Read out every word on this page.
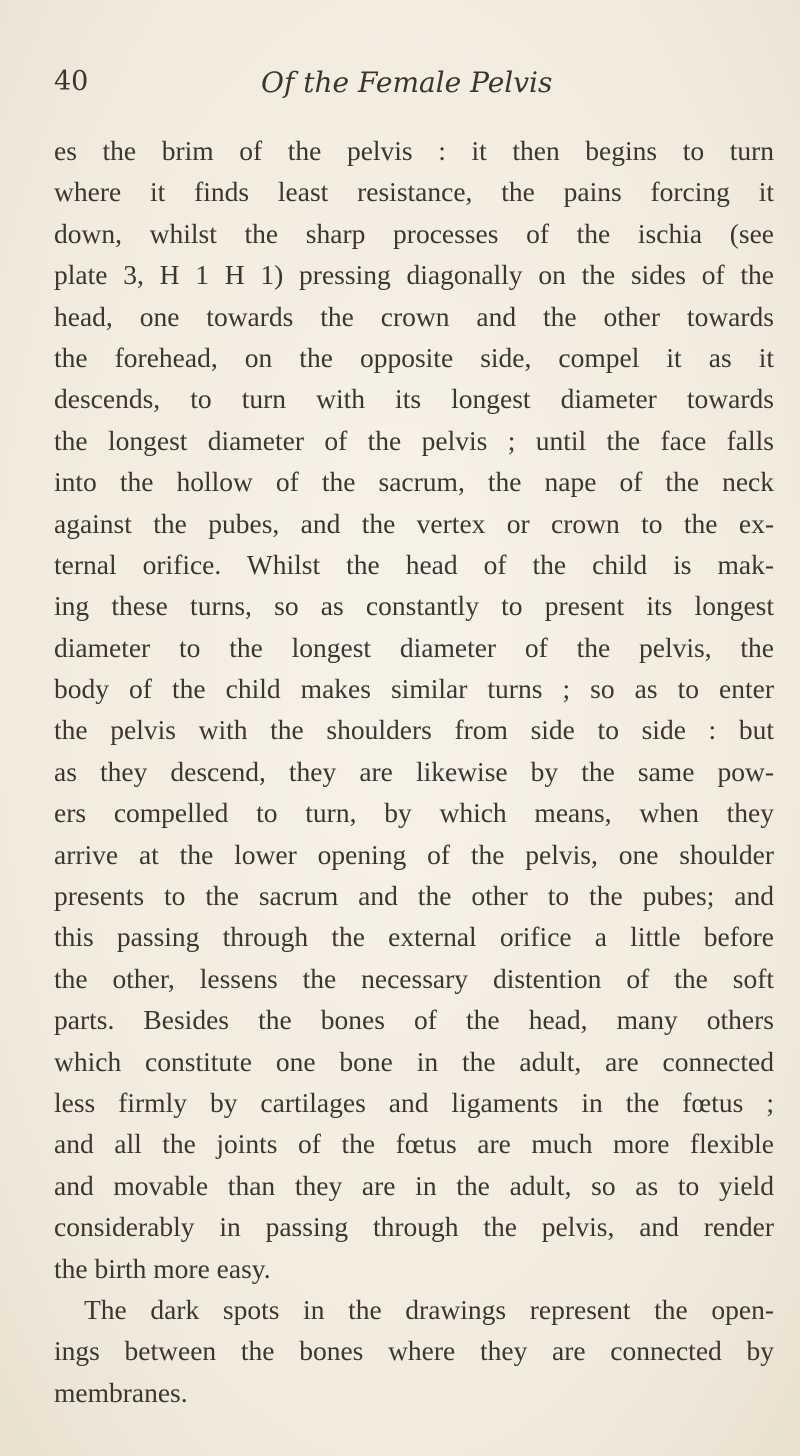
40	Of the Female Pelvis
es the brim of the pelvis : it then begins to turn
where it finds least resistance, the pains forcing it
down, whilst the sharp processes of the ischia (see
plate 3, H 1 H 1) pressing diagonally on the sides of the
head, one towards the crown and the other towards
the forehead, on the opposite side, compel it as it
descends, to turn with its longest diameter towards
the longest diameter of the pelvis ; until the face falls
into the hollow of the sacrum, the nape of the neck
against the pubes, and the vertex or crown to the ex-
ternal orifice. Whilst the head of the child is mak-
ing these turns, so as constantly to present its longest
diameter to the longest diameter of the pelvis, the
body of the child makes similar turns ; so as to enter
the pelvis with the shoulders from side to side : but
as they descend, they are likewise by the same pow-
ers compelled to turn, by which means, when they
arrive at the lower opening of the pelvis, one shoulder
presents to the sacrum and the other to the pubes; and
this passing through the external orifice a little before
the other, lessens the necessary distention of the soft
parts. Besides the bones of the head, many others
which constitute one bone in the adult, are connected
less firmly by cartilages and ligaments in the fœtus ;
and all the joints of the fœtus are much more flexible
and movable than they are in the adult, so as to yield
considerably in passing through the pelvis, and render
the birth more easy.
The dark spots in the drawings represent the open-
ings between the bones where they are connected by
membranes.
